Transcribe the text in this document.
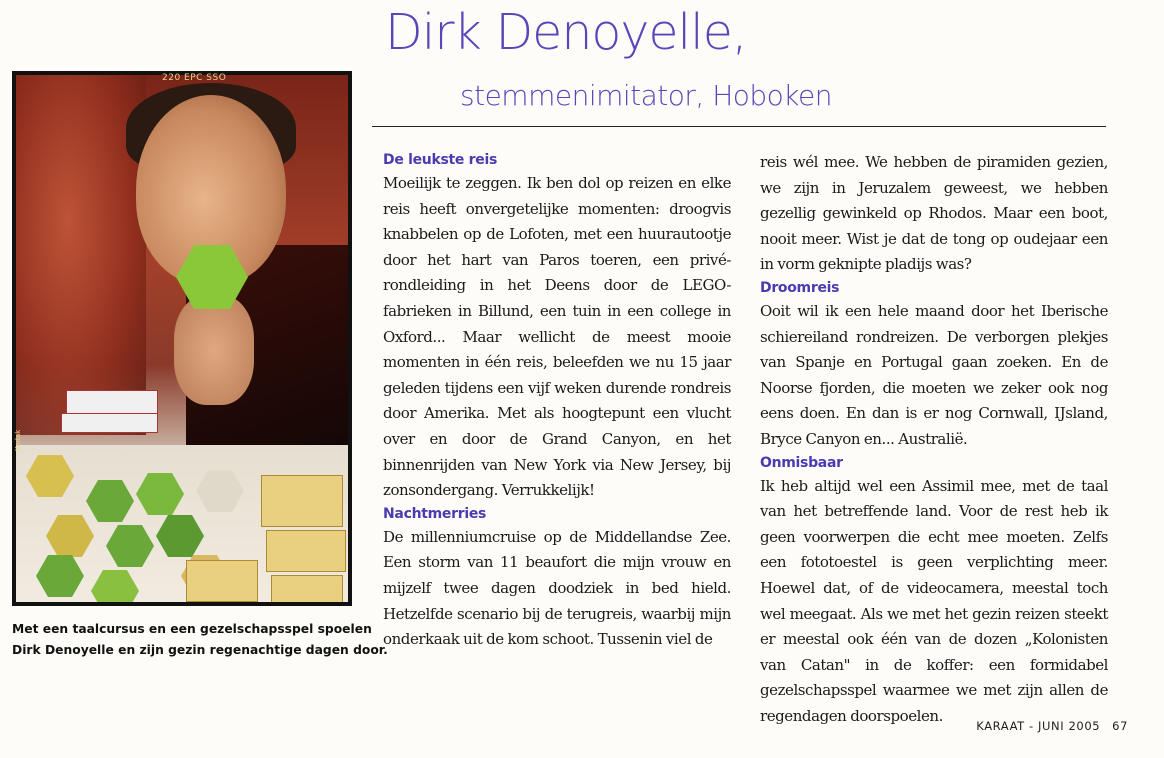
Dirk Denoyelle,
stemmenimitator, Hoboken
220 EPC SSO
Kodak
Met een taalcursus en een gezelschapsspel spoelen
Dirk Denoyelle en zijn gezin regenachtige dagen door.
De leukste reis

Moeilijk te zeggen. Ik ben dol op reizen en elke reis heeft onvergetelijke momenten: droogvis knabbelen op de Lofoten, met een huurautootje door het hart van Paros toeren, een privé-rondleiding in het Deens door de LEGO-fabrieken in Billund, een tuin in een college in Oxford... Maar wellicht de meest mooie momenten in één reis, beleefden we nu 15 jaar geleden tijdens een vijf weken durende rondreis door Amerika. Met als hoogtepunt een vlucht over en door de Grand Canyon, en het binnenrijden van New York via New Jersey, bij zonsondergang. Verrukkelijk!

Nachtmerries

De millenniumcruise op de Middellandse Zee. Een storm van 11 beaufort die mijn vrouw en mijzelf twee dagen doodziek in bed hield. Hetzelfde scenario bij de terugreis, waarbij mijn onderkaak uit de kom schoot. Tussenin viel de

reis wél mee. We hebben de piramiden gezien, we zijn in Jeruzalem geweest, we hebben gezellig gewinkeld op Rhodos. Maar een boot, nooit meer. Wist je dat de tong op oudejaar een in vorm geknipte pladijs was?

Droomreis

Ooit wil ik een hele maand door het Iberische schiereiland rondreizen. De verborgen plekjes van Spanje en Portugal gaan zoeken. En de Noorse fjorden, die moeten we zeker ook nog eens doen. En dan is er nog Cornwall, IJsland, Bryce Canyon en... Australië.

Onmisbaar

Ik heb altijd wel een Assimil mee, met de taal van het betreffende land. Voor de rest heb ik geen voorwerpen die echt mee moeten. Zelfs een fototoestel is geen verplichting meer. Hoewel dat, of de videocamera, meestal toch wel meegaat. Als we met het gezin reizen steekt er meestal ook één van de dozen „Kolonisten van Catan" in de koffer: een formidabel gezelschapsspel waarmee we met zijn allen de regendagen doorspoelen.

KARAAT - JUNI 2005 67
